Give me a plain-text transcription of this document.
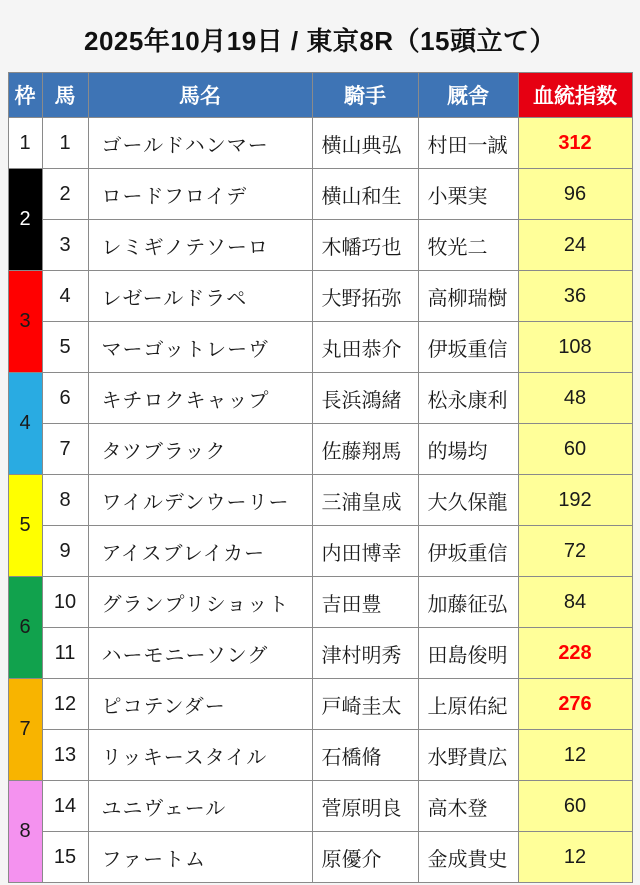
2025年10月19日 / 東京8R（15頭立て）
枠	馬	馬名	騎手	厩舎	血統指数
1	1	ゴールドハンマー	横山典弘	村田一誠	312
2	2	ロードフロイデ	横山和生	小栗実	96
	3	レミギノテソーロ	木幡巧也	牧光二	24
3	4	レゼールドラペ	大野拓弥	高柳瑞樹	36
	5	マーゴットレーヴ	丸田恭介	伊坂重信	108
4	6	キチロクキャップ	長浜鴻緒	松永康利	48
	7	タツブラック	佐藤翔馬	的場均	60
5	8	ワイルデンウーリー	三浦皇成	大久保龍	192
	9	アイスブレイカー	内田博幸	伊坂重信	72
6	10	グランプリショット	吉田豊	加藤征弘	84
	11	ハーモニーソング	津村明秀	田島俊明	228
7	12	ピコテンダー	戸崎圭太	上原佑紀	276
	13	リッキースタイル	石橋脩	水野貴広	12
8	14	ユニヴェール	菅原明良	高木登	60
	15	ファートム	原優介	金成貴史	12
